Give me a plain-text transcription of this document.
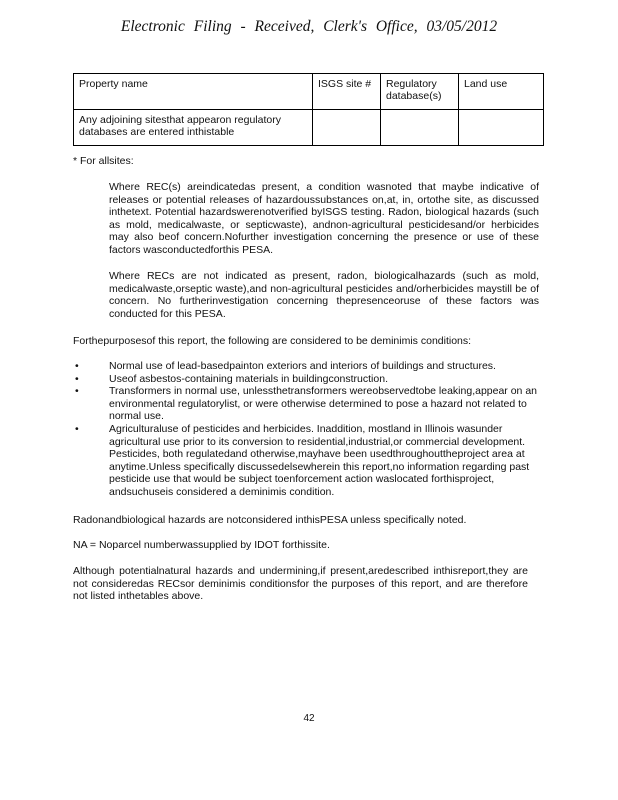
Electronic Filing - Received, Clerk's Office, 03/05/2012
Property name	ISGS site #	Regulatory database(s)	Land use
Any adjoining sitesthat appearon regulatory databases are entered inthistable			
* For allsites:
Where REC(s) areindicatedas present, a condition wasnoted that maybe indicative of releases or potential releases of hazardoussubstances on,at, in, ortothe site, as discussed inthetext. Potential hazardswerenotverified byISGS testing. Radon, biological hazards (such as mold, medicalwaste, or septicwaste), andnon-agricultural pesticidesand/or herbicides may also beof concern.Nofurther investigation concerning the presence or use of these factors wasconductedforthis PESA.
Where RECs are not indicated as present, radon, biologicalhazards (such as mold, medicalwaste,orseptic waste),and non-agricultural pesticides and/orherbicides maystill be of concern. No furtherinvestigation concerning thepresenceoruse of these factors was conducted for this PESA.
Forthepurposesof this report, the following are considered to be deminimis conditions:
•	Normal use of lead-basedpainton exteriors and interiors of buildings and structures.
•	Useof asbestos-containing materials in buildingconstruction.
•	Transformers in normal use, unlessthetransformers wereobservedtobe leaking,appear on an environmental regulatorylist, or were otherwise determined to pose a hazard not related to normal use.
•	Agriculturaluse of pesticides and herbicides. Inaddition, mostland in Illinois wasunder agricultural use prior to its conversion to residential,industrial,or commercial development. Pesticides, both regulatedand otherwise,mayhave been usedthroughouttheproject area at anytime.Unless specifically discussedelsewherein this report,no information regarding past pesticide use that would be subject toenforcement action waslocated forthisproject, andsuchuseis considered a deminimis condition.
Radonandbiological hazards are notconsidered inthisPESA unless specifically noted.
NA = Noparcel numberwassupplied by IDOT forthissite.
Although potentialnatural hazards and undermining,if present,aredescribed inthisreport,they are not consideredas RECsor deminimis conditionsfor the purposes of this report, and are therefore not listed inthetables above.
42
